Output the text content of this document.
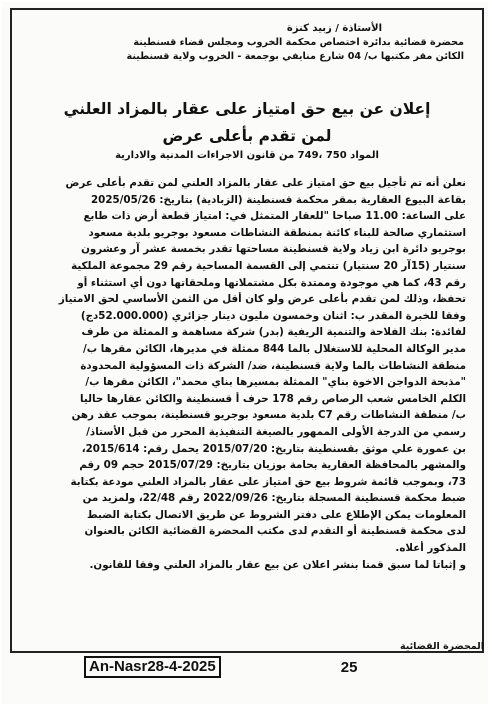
الأستاذة / زبيد كنزة
محضرة قضائية بدائرة اختصاص محكمة الخروب ومجلس قضاء قسنطينة
الكائن مقر مكتبها ب/ 04 شارع منايفي بوجمعة - الخروب ولاية قسنطينة
إعلان عن بيع حق امتياز على عقار بالمزاد العلني
لمن تقدم بأعلى عرض
المواد 750 ،749 من قانون الاجراءات المدنية والادارية
نعلن أنه تم تأجيل بيع حق امتياز على عقار بالمزاد العلني لمن تقدم بأعلى عرض
بقاعة البيوع العقارية بمقر محكمة قسنطينة (الزبادية) بتاريخ: 2025/05/26
على الساعة: 11.00 صباحا "للعقار المتمثل في: امتياز قطعة أرض ذات طابع
استثماري صالحة للبناء كائنة بمنطقة النشاطات مسعود بوجريو بلدية مسعود
بوجريو دائرة ابن زياد ولاية قسنطينة مساحتها تقدر بخمسة عشر آر وعشرون
سنتيار (15آر 20 سنتيار) تنتمي إلى القسمة المساحية رقم 29 مجموعة الملكية
رقم 43، كما هي موجودة وممتدة بكل مشتملاتها وملحقاتها دون أي استثناء أو
تحفظ، وذلك لمن تقدم بأعلى عرض ولو كان أقل من الثمن الأساسي لحق الامتياز
وفقا للخبرة المقدر ب: اثنان وخمسون مليون دينار جزائري (52.000.000دج)
لفائدة: بنك الفلاحة والتنمية الريفية (بدر) شركة مساهمة و الممثلة من طرف
مدير الوكالة المحلية للاستغلال بالما 844 ممثلة في مديرها، الكائن مقرها ب/
منطقة النشاطات بالما ولاية قسنطينة، ضد/ الشركة ذات المسؤولية المحدودة
"مذبحة الدواجن الاخوة بناي" الممثلة بمسيرها بناي محمد"، الكائن مقرها ب/
الكلم الخامس شعب الرصاص رقم 178 حرف أ قسنطينة والكائن عقارها حاليا
ب/ منطقة النشاطات رقم C7 بلدية مسعود بوجريو قسنطينة، بموجب عقد رهن
رسمي من الدرجة الأولى الممهور بالصيغة التنفيذية المحرر من قبل الأستاذ/
بن عمورة علي موثق بقسنطينة بتاريخ: 2015/07/20 يحمل رقم: 2015/614،
والمشهر بالمحافظة العقارية بحامة بوزيان بتاريخ: 2015/07/29 حجم 09 رقم
73، وبموجب قائمة شروط بيع حق امتياز على عقار بالمزاد العلني مودعة بكتابة
ضبط محكمة قسنطينة المسجلة بتاريخ: 2022/09/26 رقم 22/48، ولمزيد من
المعلومات يمكن الإطلاع على دفتر الشروط عن طريق الاتصال بكتابة الضبط
لدى محكمة قسنطينة أو التقدم لدى مكتب المحضرة القضائية الكائن بالعنوان
المذكور أعلاه.
و إثباتا لما سبق قمنا بنشر اعلان عن بيع عقار بالمزاد العلني وفقا للقانون.
المحضرة القضائية
An-Nasr28-4-2025	25
